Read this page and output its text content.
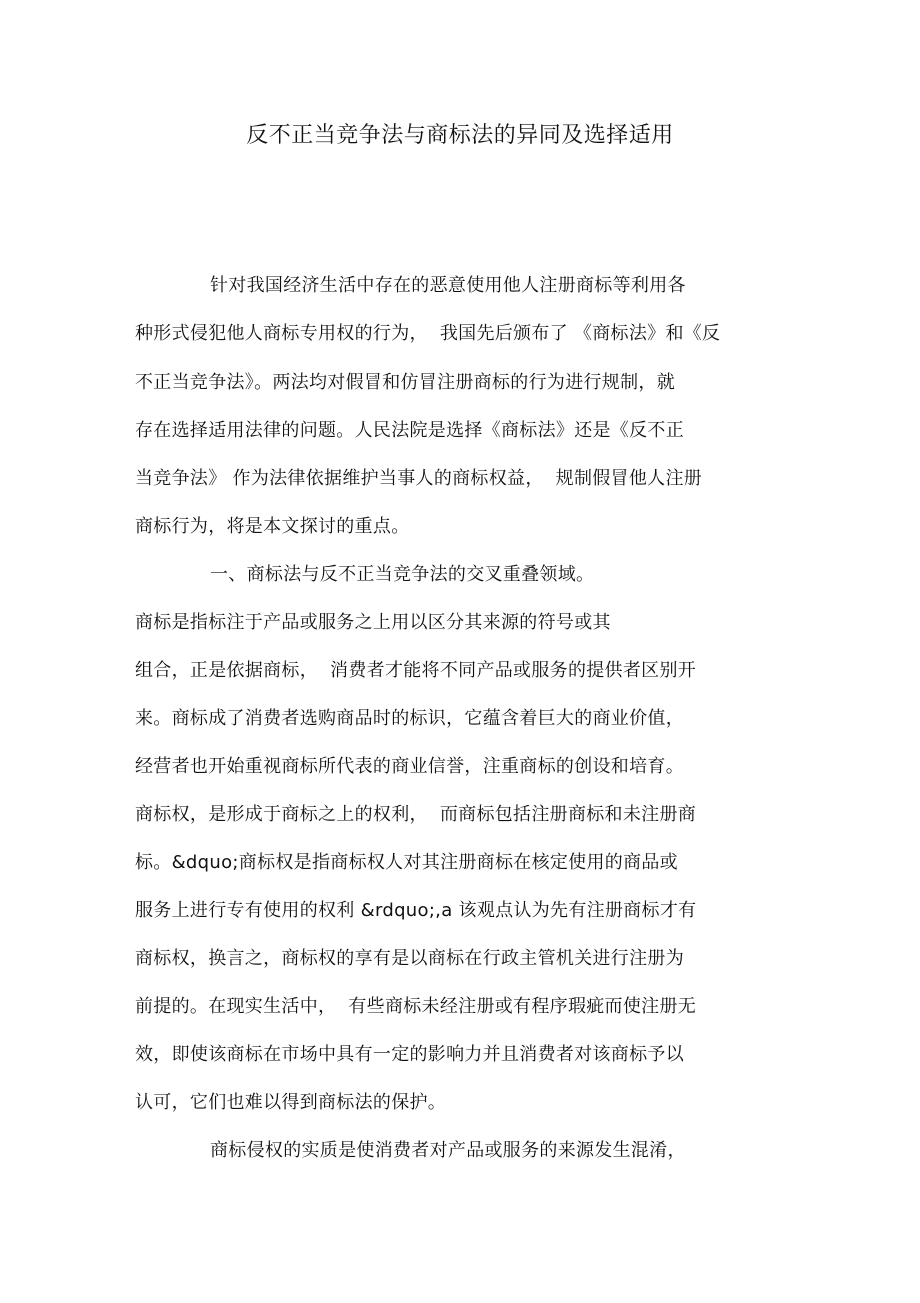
反不正当竞争法与商标法的异同及选择适用
针对我国经济生活中存在的恶意使用他人注册商标等利用各
种形式侵犯他人商标专用权的行为，  我国先后颁布了 《商标法》和《反
不正当竞争法》。两法均对假冒和仿冒注册商标的行为进行规制，就
存在选择适用法律的问题。人民法院是选择《商标法》还是《反不正
当竞争法》 作为法律依据维护当事人的商标权益，  规制假冒他人注册
商标行为，将是本文探讨的重点。
一、商标法与反不正当竞争法的交叉重叠领域。
商标是指标注于产品或服务之上用以区分其来源的符号或其
组合，正是依据商标，  消费者才能将不同产品或服务的提供者区别开
来。商标成了消费者选购商品时的标识，它蕴含着巨大的商业价值，
经营者也开始重视商标所代表的商业信誉，注重商标的创设和培育。
商标权，是形成于商标之上的权利，  而商标包括注册商标和未注册商
标。&dquo;商标权是指商标权人对其注册商标在核定使用的商品或
服务上进行专有使用的权利 &rdquo;,a 该观点认为先有注册商标才有
商标权，换言之，商标权的享有是以商标在行政主管机关进行注册为
前提的。在现实生活中，  有些商标未经注册或有程序瑕疵而使注册无
效，即使该商标在市场中具有一定的影响力并且消费者对该商标予以
认可，它们也难以得到商标法的保护。
商标侵权的实质是使消费者对产品或服务的来源发生混淆，
